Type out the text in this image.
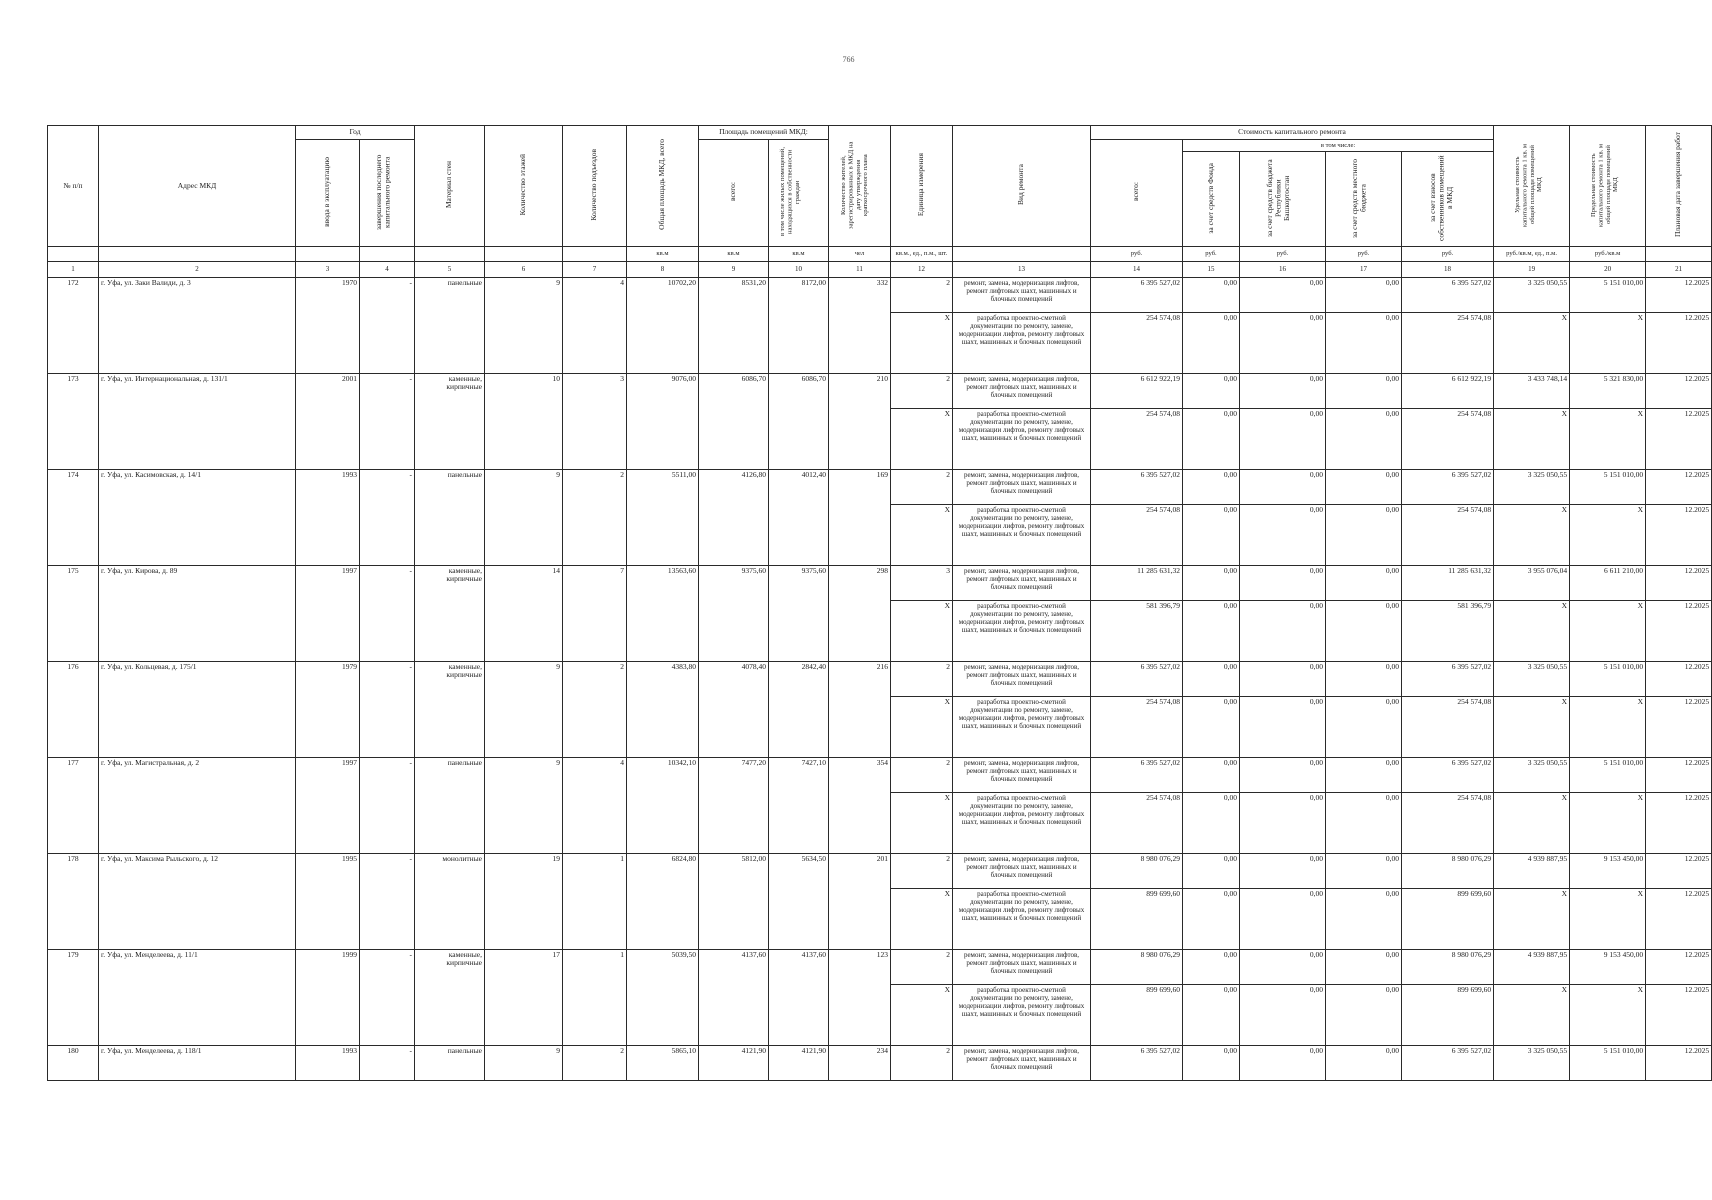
766
№ п/п	Адрес МКД	Год		Материал стен	Количество этажей	Количество подъездов	Общая площадь МКД, всего	Площадь помещений МКД:		Количество жителей, зарегистрированных в МКД на дату утверждения краткосрочного плана	Единица измерения	Вид ремонта	Стоимость капитального ремонта					Удельная стоимость капитального ремонта 1 кв. м общей площади помещений МКД	Предельная стоимость капитального ремонта 1 кв. м общей площади помещений МКД	Плановая дата завершения работ
		ввода в эксплуатацию	завершения последнего капитального ремонта					всего:	в том числе жилых помещений, находящихся в собственности граждан				всего:	в том числе:						
														за счет средств Фонда	за счет средств бюджета Республики Башкортостан	за счет средств местного бюджета	за счет взносов собственников помещений в МКД			
							кв.м	кв.м	кв.м	чел	кв.м., ед., п.м., шт.		руб.	руб.	руб.	руб.	руб.	руб./кв.м, ед., п.м.	руб./кв.м	
1	2	3	4	5	6	7	8	9	10	11	12	13	14	15	16	17	18	19	20	21
172	г. Уфа, ул. Заки Валиди, д. 3	1970	-	панельные	9	4	10702,20	8531,20	8172,00	332	2	ремонт, замена, модернизация лифтов, ремонт лифтовых шахт, машинных и блочных помещений	6 395 527,02	0,00	0,00	0,00	6 395 527,02	3 325 050,55	5 151 010,00	12.2025
											X	разработка проектно-сметной документации по ремонту, замене, модернизации лифтов, ремонту лифтовых шахт, машинных и блочных помещений	254 574,08	0,00	0,00	0,00	254 574,08	X	X	12.2025
173	г. Уфа, ул. Интернациональная, д. 131/1	2001	-	каменные, кирпичные	10	3	9076,00	6086,70	6086,70	210	2	ремонт, замена, модернизация лифтов, ремонт лифтовых шахт, машинных и блочных помещений	6 612 922,19	0,00	0,00	0,00	6 612 922,19	3 433 748,14	5 321 830,00	12.2025
											X	разработка проектно-сметной документации по ремонту, замене, модернизации лифтов, ремонту лифтовых шахт, машинных и блочных помещений	254 574,08	0,00	0,00	0,00	254 574,08	X	X	12.2025
174	г. Уфа, ул. Касимовская, д. 14/1	1993	-	панельные	9	2	5511,00	4126,80	4012,40	169	2	ремонт, замена, модернизация лифтов, ремонт лифтовых шахт, машинных и блочных помещений	6 395 527,02	0,00	0,00	0,00	6 395 527,02	3 325 050,55	5 151 010,00	12.2025
											X	разработка проектно-сметной документации по ремонту, замене, модернизации лифтов, ремонту лифтовых шахт, машинных и блочных помещений	254 574,08	0,00	0,00	0,00	254 574,08	X	X	12.2025
175	г. Уфа, ул. Кирова, д. 89	1997	-	каменные, кирпичные	14	7	13563,60	9375,60	9375,60	298	3	ремонт, замена, модернизация лифтов, ремонт лифтовых шахт, машинных и блочных помещений	11 285 631,32	0,00	0,00	0,00	11 285 631,32	3 955 076,04	6 611 210,00	12.2025
											X	разработка проектно-сметной документации по ремонту, замене, модернизации лифтов, ремонту лифтовых шахт, машинных и блочных помещений	581 396,79	0,00	0,00	0,00	581 396,79	X	X	12.2025
176	г. Уфа, ул. Кольцевая, д. 175/1	1979	-	каменные, кирпичные	9	2	4383,80	4078,40	2842,40	216	2	ремонт, замена, модернизация лифтов, ремонт лифтовых шахт, машинных и блочных помещений	6 395 527,02	0,00	0,00	0,00	6 395 527,02	3 325 050,55	5 151 010,00	12.2025
											X	разработка проектно-сметной документации по ремонту, замене, модернизации лифтов, ремонту лифтовых шахт, машинных и блочных помещений	254 574,08	0,00	0,00	0,00	254 574,08	X	X	12.2025
177	г. Уфа, ул. Магистральная, д. 2	1997	-	панельные	9	4	10342,10	7477,20	7427,10	354	2	ремонт, замена, модернизация лифтов, ремонт лифтовых шахт, машинных и блочных помещений	6 395 527,02	0,00	0,00	0,00	6 395 527,02	3 325 050,55	5 151 010,00	12.2025
											X	разработка проектно-сметной документации по ремонту, замене, модернизации лифтов, ремонту лифтовых шахт, машинных и блочных помещений	254 574,08	0,00	0,00	0,00	254 574,08	X	X	12.2025
178	г. Уфа, ул. Максима Рыльского, д. 12	1995	-	монолитные	19	1	6824,80	5812,00	5634,50	201	2	ремонт, замена, модернизация лифтов, ремонт лифтовых шахт, машинных и блочных помещений	8 980 076,29	0,00	0,00	0,00	8 980 076,29	4 939 887,95	9 153 450,00	12.2025
											X	разработка проектно-сметной документации по ремонту, замене, модернизации лифтов, ремонту лифтовых шахт, машинных и блочных помещений	899 699,60	0,00	0,00	0,00	899 699,60	X	X	12.2025
179	г. Уфа, ул. Менделеева, д. 11/1	1999	-	каменные, кирпичные	17	1	5039,50	4137,60	4137,60	123	2	ремонт, замена, модернизация лифтов, ремонт лифтовых шахт, машинных и блочных помещений	8 980 076,29	0,00	0,00	0,00	8 980 076,29	4 939 887,95	9 153 450,00	12.2025
											X	разработка проектно-сметной документации по ремонту, замене, модернизации лифтов, ремонту лифтовых шахт, машинных и блочных помещений	899 699,60	0,00	0,00	0,00	899 699,60	X	X	12.2025
180	г. Уфа, ул. Менделеева, д. 118/1	1993	-	панельные	9	2	5865,10	4121,90	4121,90	234	2	ремонт, замена, модернизация лифтов, ремонт лифтовых шахт, машинных и блочных помещений	6 395 527,02	0,00	0,00	0,00	6 395 527,02	3 325 050,55	5 151 010,00	12.2025
